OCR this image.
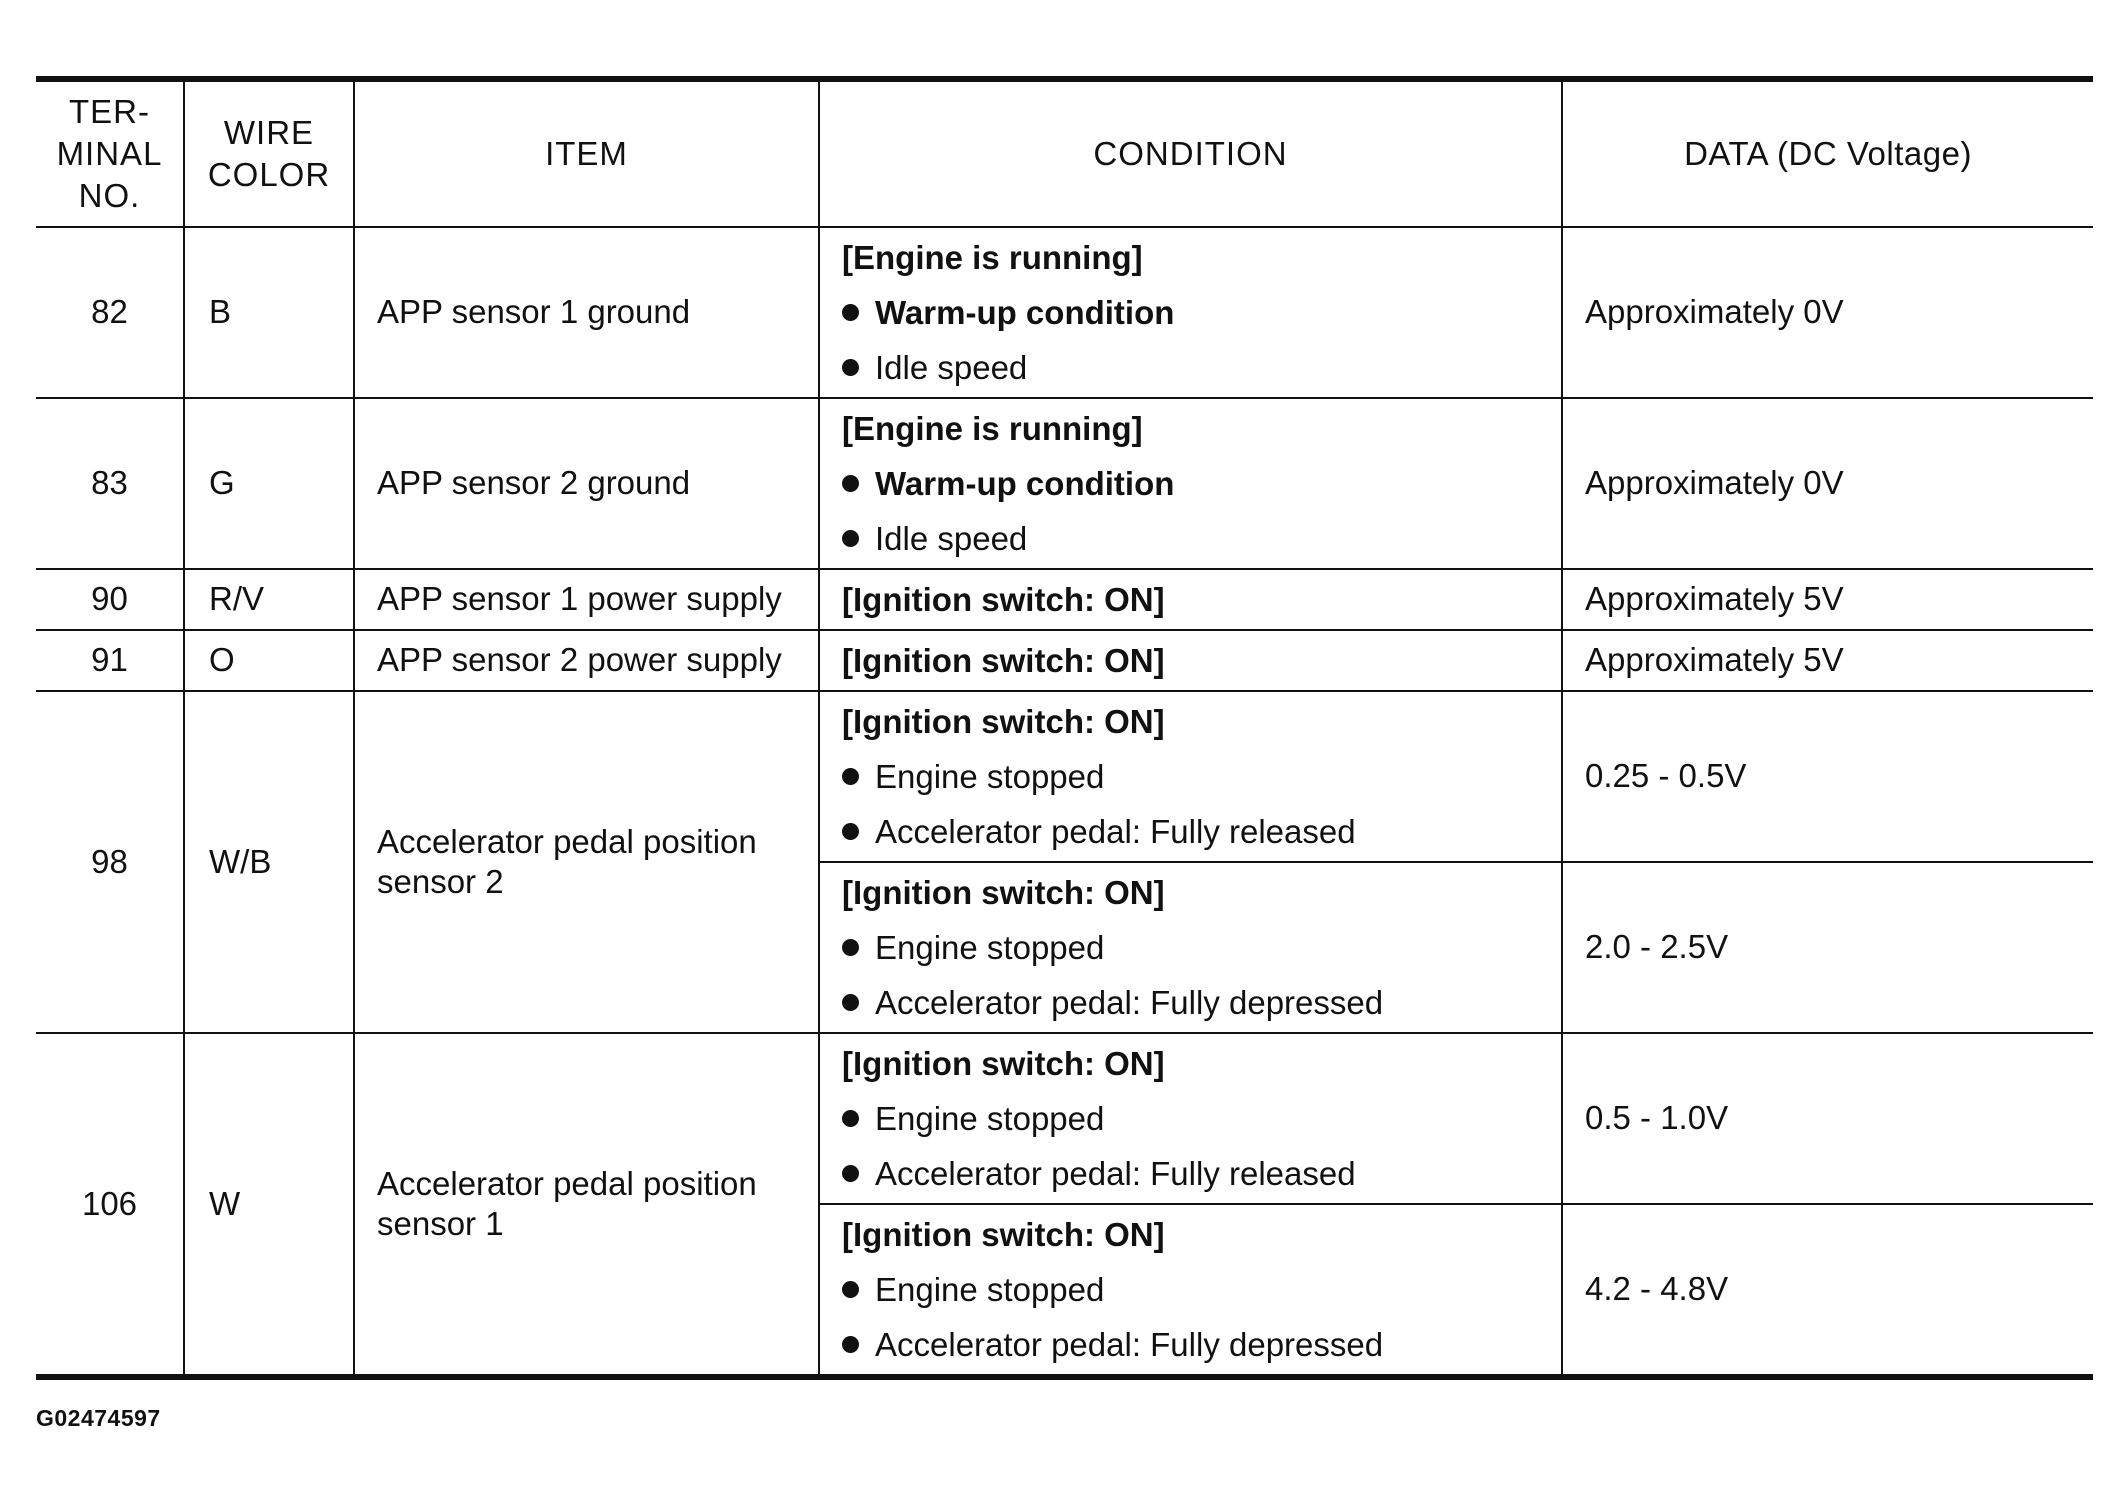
TER-
MINAL
NO.	WIRE
COLOR	ITEM	CONDITION	DATA (DC Voltage)
82	B	APP sensor 1 ground	[Engine is running]
Warm-up condition
Idle speed	Approximately 0V
83	G	APP sensor 2 ground	[Engine is running]
Warm-up condition
Idle speed	Approximately 0V
90	R/V	APP sensor 1 power supply	[Ignition switch: ON]	Approximately 5V
91	O	APP sensor 2 power supply	[Ignition switch: ON]	Approximately 5V
98	W/B	Accelerator pedal position sensor 2	[Ignition switch: ON]
Engine stopped
Accelerator pedal: Fully released	0.25 - 0.5V

			[Ignition switch: ON]
Engine stopped
Accelerator pedal: Fully depressed	2.0 - 2.5V
106	W	Accelerator pedal position sensor 1	[Ignition switch: ON]
Engine stopped
Accelerator pedal: Fully released	0.5 - 1.0V

			[Ignition switch: ON]
Engine stopped
Accelerator pedal: Fully depressed	4.2 - 4.8V
G02474597
